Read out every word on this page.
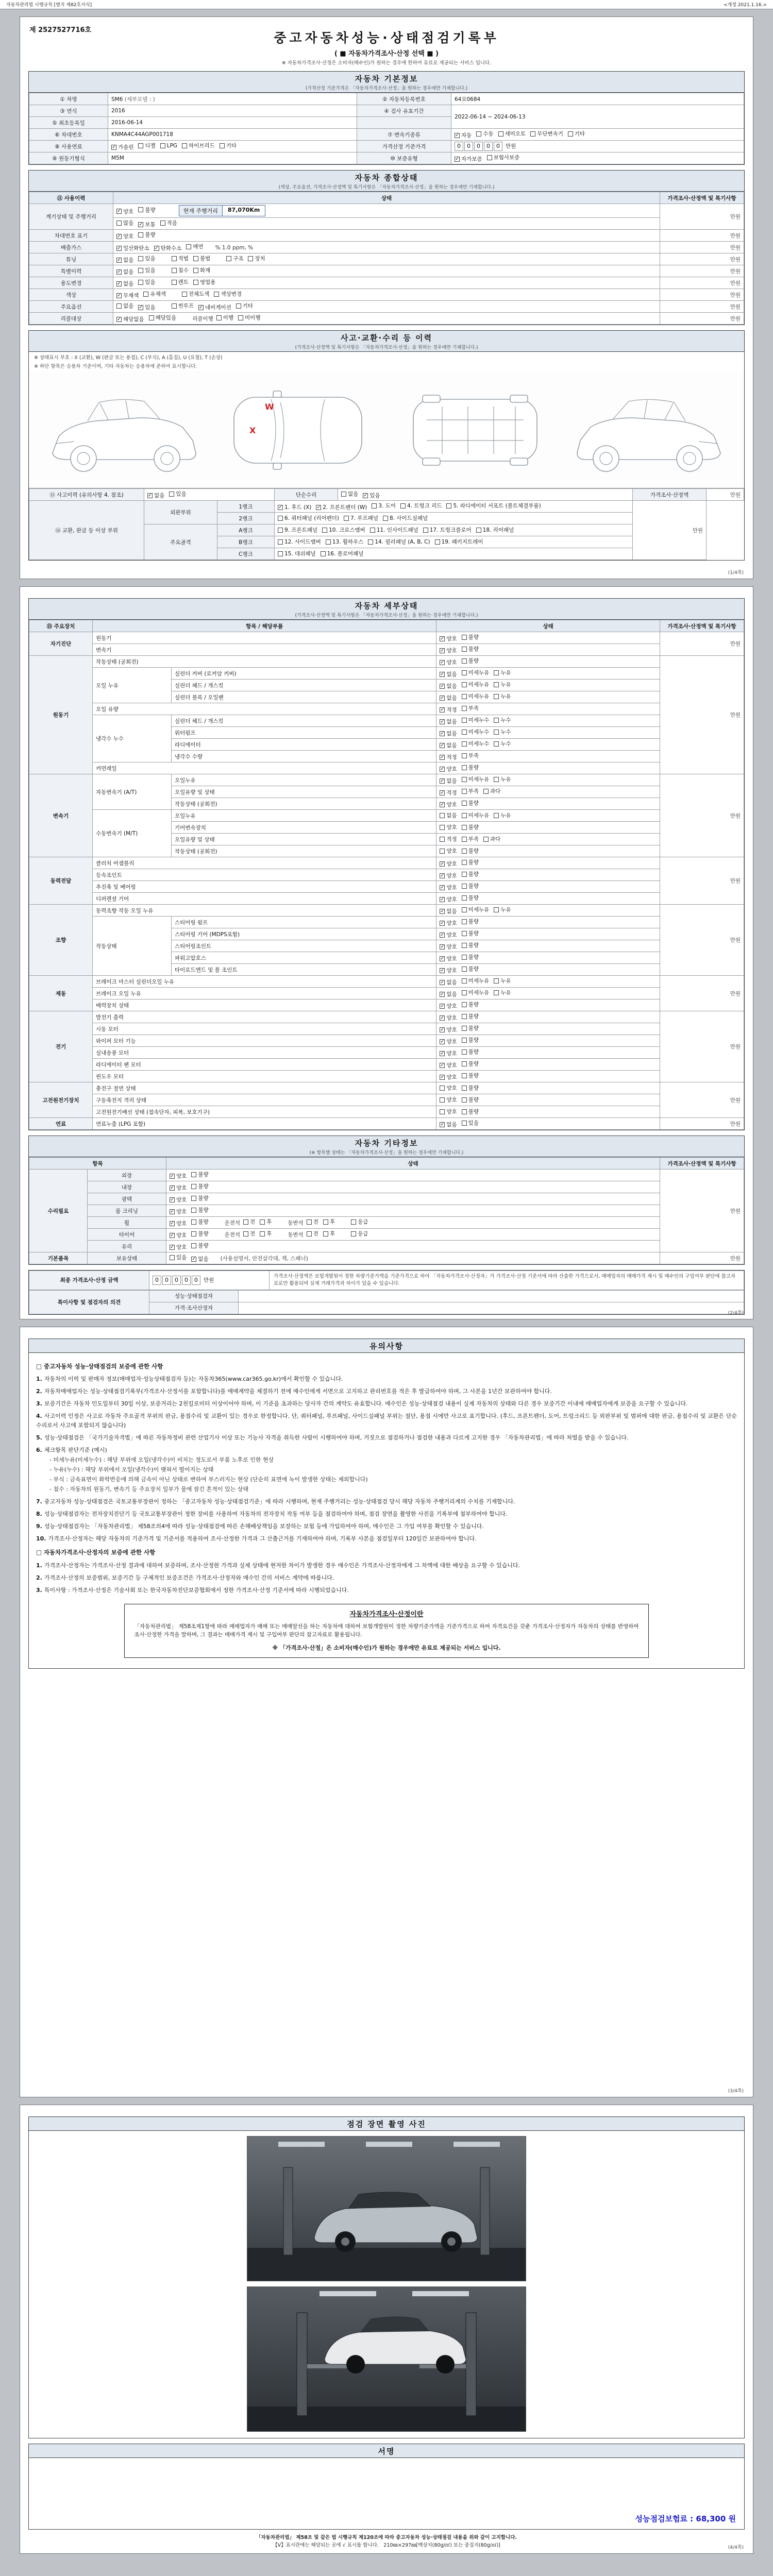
자동차관리법 시행규칙 [별지 제82호서식]	<개정 2021.1.16.>
제 2527527716호
중고자동차성능·상태점검기록부
( ■ 자동차가격조사·산정 선택 ■ )
※ 자동차가격조사·산정은 소비자(매수인)가 원하는 경우에 한하여 유료로 제공되는 서비스 입니다.
자동차 기본정보
(가격산정 기준가격은 「자동차가격조사·산정」을 원하는 경우에만 기재합니다.)
① 차명	SM6 (세부모델 : )	② 자동차등록번호	64모0684
③ 연식	2016	④ 검사 유효기간	2022-06-14 ~ 2024-06-13
⑤ 최초등록일	2016-06-14		
⑥ 차대번호	KNMA4C44AGP001718	⑦ 변속기종류	✓ 자동 수동 세미오토 무단변속기 기타

⑧ 사용연료	✓ 가솔린 디젤 LPG 하이브리드 기타	가격산정 기준가격	0 0 0 0 0 만원
⑨ 원동기형식	M5M	⑩ 보증유형	✓ 자가보증 보험사보증
자동차 종합상태
(색상, 주요옵션, 가격조사·산정액 및 특기사항은 「자동차가격조사·산정」을 원하는 경우에만 기재합니다.)
⑪ 사용이력	상태	가격조사·산정액 및 특기사항
계기상태 및 주행거리	✓ 양호 불량 현재 주행거리 87,070Km	만원

	많음 ✓ 보통 적음	

차대번호 표기	✓ 양호 불량	만원
배출가스	✓ 일산화탄소 ✓ 탄화수소 매연 % 1.0 ppm, %	만원
튜닝	✓ 없음 있음	적법 불법	구조 장치	만원
특별이력	✓ 없음 있음 침수 화재	만원
용도변경	✓ 없음 있음 렌트 영업용	만원
색상	✓ 무채색 유채색 전체도색 색상변경	만원
주요옵션	없음 ✓ 있음	썬루프 ✓ 네비게이션 기타	만원
리콜대상	✓ 해당없음 해당있음	리콜이행 이행 미이행	만원
사고·교환·수리 등 이력
(가격조사·산정액 및 특기사항은 「자동차가격조사·산정」을 원하는 경우에만 기재합니다.)
※ 상태표시 부호 : X (교환), W (판금 또는 용접), C (부식), A (흠집), U (요철), T (손상)
※ 하단 항목은 승용차 기준이며, 기타 자동차는 승용차에 준하여 표시합니다.
X
W
⑬ 사고이력 (유의사항 4. 참조)	✓ 없음 있음		단순수리	없음 ✓ 있음	가격조사·산정액	만원
⑭ 교환, 판금 등 이상 부위	외판부위	1랭크	✓ 1. 후드 (X) ✓ 2. 프론트펜더 (W) 3. 도어 4. 트렁크 리드 5. 라디에이터 서포트 (볼트체결부품)
	만원
		2랭크	6. 쿼터패널 (리어펜더) 7. 루프패널 8. 사이드실패널			

	주요골격	A랭크	9. 프론트패널 10. 크로스멤버 11. 인사이드패널 17. 트렁크플로어 18. 리어패널			

		B랭크	12. 사이드멤버 13. 휠하우스 14. 필러패널 (A, B, C) 19. 패키지트레이			

		C랭크	15. 대쉬패널 16. 플로어패널			
(1/4쪽)
자동차 세부상태
(가격조사·산정액 및 특기사항은 「자동차가격조사·산정」을 원하는 경우에만 기재합니다.)
⑮ 주요장치	항목 / 해당부품		상태	가격조사·산정액 및 특기사항
자기진단	원동기		✓ 양호 불량	만원
	변속기		✓ 양호 불량	

원동기	작동상태 (공회전)		✓ 양호 불량	만원
	오일 누유	실린더 커버 (로커암 커버)	✓ 없음 미세누유 누유	

		실린더 헤드 / 개스킷	✓ 없음 미세누유 누유	

		실린더 블록 / 오일팬	✓ 없음 미세누유 누유	

	오일 유량		✓ 적정 부족	

	냉각수 누수	실린더 헤드 / 개스킷	✓ 없음 미세누수 누수	

		워터펌프	✓ 없음 미세누수 누수	

		라디에이터	✓ 없음 미세누수 누수	

		냉각수 수량	✓ 적정 부족	

	커먼레일		✓ 양호 불량	

변속기	자동변속기 (A/T)	오일누유	✓ 없음 미세누유 누유	만원
		오일유량 및 상태	✓ 적정 부족 과다	

		작동상태 (공회전)	✓ 양호 불량	

	수동변속기 (M/T)	오일누유	없음 미세누유 누유	

		기어변속장치	양호 불량	

		오일유량 및 상태	적정 부족 과다	

		작동상태 (공회전)	양호 불량	

동력전달	클러치 어셈블리		✓ 양호 불량	만원
	등속조인트		✓ 양호 불량	

	추진축 및 베어링		✓ 양호 불량	

	디퍼렌셜 기어		✓ 양호 불량	

조향	동력조향 작동 오일 누유		✓ 없음 미세누유 누유	만원
	작동상태	스티어링 펌프	✓ 양호 불량	

		스티어링 기어 (MDPS포함)	✓ 양호 불량	

		스티어링조인트	✓ 양호 불량	

		파워고압호스	✓ 양호 불량	

		타이로드엔드 및 볼 조인트	✓ 양호 불량	

제동	브레이크 마스터 실린더오일 누유		✓ 없음 미세누유 누유	만원
	브레이크 오일 누유		✓ 없음 미세누유 누유	

	배력장치 상태		✓ 양호 불량	

전기	발전기 출력		✓ 양호 불량	만원
	시동 모터		✓ 양호 불량	

	와이퍼 모터 기능		✓ 양호 불량	

	실내송풍 모터		✓ 양호 불량	

	라디에이터 팬 모터		✓ 양호 불량	

	윈도우 모터		✓ 양호 불량	

고전원전기장치	충전구 절연 상태		양호 불량	만원
	구동축전지 격리 상태		양호 불량	

	고전원전기배선 상태 (접속단자, 피복, 보호기구)		양호 불량	

연료	연료누출 (LPG 포함)		✓ 없음 있음	만원
자동차 기타정보
(※ 항목별 상태는 「자동차가격조사·산정」을 원하는 경우에만 기재합니다.)
항목		상태	가격조사·산정액 및 특기사항
수리필요	외장	✓ 양호 불량	만원
	내장	✓ 양호 불량	

	광택	✓ 양호 불량	

	룸 크리닝	✓ 양호 불량	

휠	✓ 양호 불량	운전석 전 후	동반석 전 후	응급

타이어	✓ 양호 불량	운전석 전 후	동반석 전 후	응급

	유리	✓ 양호 불량	

기본품목	보유상태	있음 ✓ 없음 (사용설명서, 안전삼각대, 잭, 스패너)	만원
최종 가격조사·산정 금액	0 0 0 0 0 만원	가격조사·산정액은 보험개발원이 정한 차량기준가액을 기준가격으로 하여 「자동차가격조사·산정자」가 가격조사·산정 기준서에 따라 산출한 가격으로서, 매매업자의 매매가격 제시 및 매수인의 구입여부 판단에 참고자료로만 활용되며 실제 거래가격과 차이가 있을 수 있습니다.
특이사항 및 점검자의 의견	성능·상태점검자	
	가격·조사산정자	
(2/4쪽)
유의사항
□ 중고자동차 성능·상태점검의 보증에 관한 사항
1. 자동차의 이력 및 판매자 정보(매매업자·성능상태점검자 등)는 자동차365(www.car365.go.kr)에서 확인할 수 있습니다.
2. 자동차매매업자는 성능·상태점검기록부(가격조사·산정서를 포함합니다)를 매매계약을 체결하기 전에 매수인에게 서면으로 고지하고 관리번호를 적은 후 발급하여야 하며, 그 사본을 1년간 보관하여야 합니다.
3. 보증기간은 자동차 인도일부터 30일 이상, 보증거리는 2천킬로미터 이상이어야 하며, 이 기준을 초과하는 당사자 간의 계약도 유효합니다. 매수인은 성능·상태점검 내용이 실제 자동차의 상태와 다른 경우 보증기간 이내에 매매업자에게 보증을 요구할 수 있습니다.
4. 사고이력 인정은 사고로 자동차 주요골격 부위의 판금, 용접수리 및 교환이 있는 경우로 한정합니다. 단, 쿼터패널, 루프패널, 사이드실패널 부위는 절단, 용접 시에만 사고로 표기합니다. (후드, 프론트펜더, 도어, 트렁크리드 등 외판부위 및 범퍼에 대한 판금, 용접수리 및 교환은 단순수리로서 사고에 포함되지 않습니다)
5. 성능·상태점검은 「국가기술자격법」에 따른 자동차정비 관련 산업기사 이상 또는 기능사 자격을 취득한 사람이 시행하여야 하며, 거짓으로 점검하거나 점검한 내용과 다르게 고지한 경우 「자동차관리법」에 따라 처벌을 받을 수 있습니다.
6. 체크항목 판단기준 (예시)
- 미세누유(미세누수) : 해당 부위에 오일(냉각수)이 비치는 정도로서 부품 노후로 인한 현상
- 누유(누수) : 해당 부위에서 오일(냉각수)이 맺혀서 떨어지는 상태
- 부식 : 금속표면이 화학반응에 의해 금속이 아닌 상태로 변하여 부스러지는 현상 (단순히 표면에 녹이 발생한 상태는 제외합니다)
- 침수 : 자동차의 원동기, 변속기 등 주요장치 일부가 물에 잠긴 흔적이 있는 상태
7. 중고자동차 성능·상태점검은 국토교통부장관이 정하는 「중고자동차 성능·상태점검기준」에 따라 시행하며, 현재 주행거리는 성능·상태점검 당시 해당 자동차 주행거리계의 수치를 기재합니다.
8. 성능·상태점검자는 전자장치진단기 등 국토교통부장관이 정한 장비를 사용하여 자동차의 전자장치 작동 여부 등을 점검하여야 하며, 점검 장면을 촬영한 사진을 기록부에 첨부하여야 합니다.
9. 성능·상태점검자는 「자동차관리법」 제58조의4에 따라 성능·상태점검에 따른 손해배상책임을 보장하는 보험 등에 가입하여야 하며, 매수인은 그 가입 여부를 확인할 수 있습니다.
10. 가격조사·산정자는 해당 자동차의 기준가격 및 기준서를 적용하여 조사·산정한 가격과 그 산출근거를 기재하여야 하며, 기록부 사본을 점검일부터 120일간 보관하여야 합니다.
□ 자동차가격조사·산정자의 보증에 관한 사항
1. 가격조사·산정자는 가격조사·산정 결과에 대하여 보증하며, 조사·산정한 가격과 실제 상태에 현저한 차이가 발생한 경우 매수인은 가격조사·산정자에게 그 차액에 대한 배상을 요구할 수 있습니다.
2. 가격조사·산정의 보증범위, 보증기간 등 구체적인 보증조건은 가격조사·산정자와 매수인 간의 서비스 계약에 따릅니다.
3. 특이사항 : 가격조사·산정은 기술사회 또는 한국자동차진단보증협회에서 정한 가격조사·산정 기준서에 따라 시행되었습니다.
자동차가격조사·산정이란
「자동차관리법」 제58조제1항에 따라 매매업자가 매매 또는 매매알선을 하는 자동차에 대하여 보험개발원이 정한 차량기준가액을 기준가격으로 하여 자격요건을 갖춘 가격조사·산정자가 자동차의 상태를 반영하여 조사·산정한 가격을 말하며, 그 결과는 매매가격 제시 및 구입여부 판단의 참고자료로 활용됩니다.
※ 「가격조사·산정」은 소비자(매수인)가 원하는 경우에만 유료로 제공되는 서비스 입니다.
(3/4쪽)
점검 장면 촬영 사진
서명
성능점검보험료 : 68,300 원
「자동차관리법」 제58조 및 같은 법 시행규칙 제120조에 따라 중고자동차 성능·상태점검 내용을 위와 같이 고지합니다.
【Ⅴ】표시란에는 해당되는 곳에 √ 표시를 합니다.　210㎜×297㎜[백상지(80g/㎡) 또는 중질지(80g/㎡)]	(4/4쪽)
